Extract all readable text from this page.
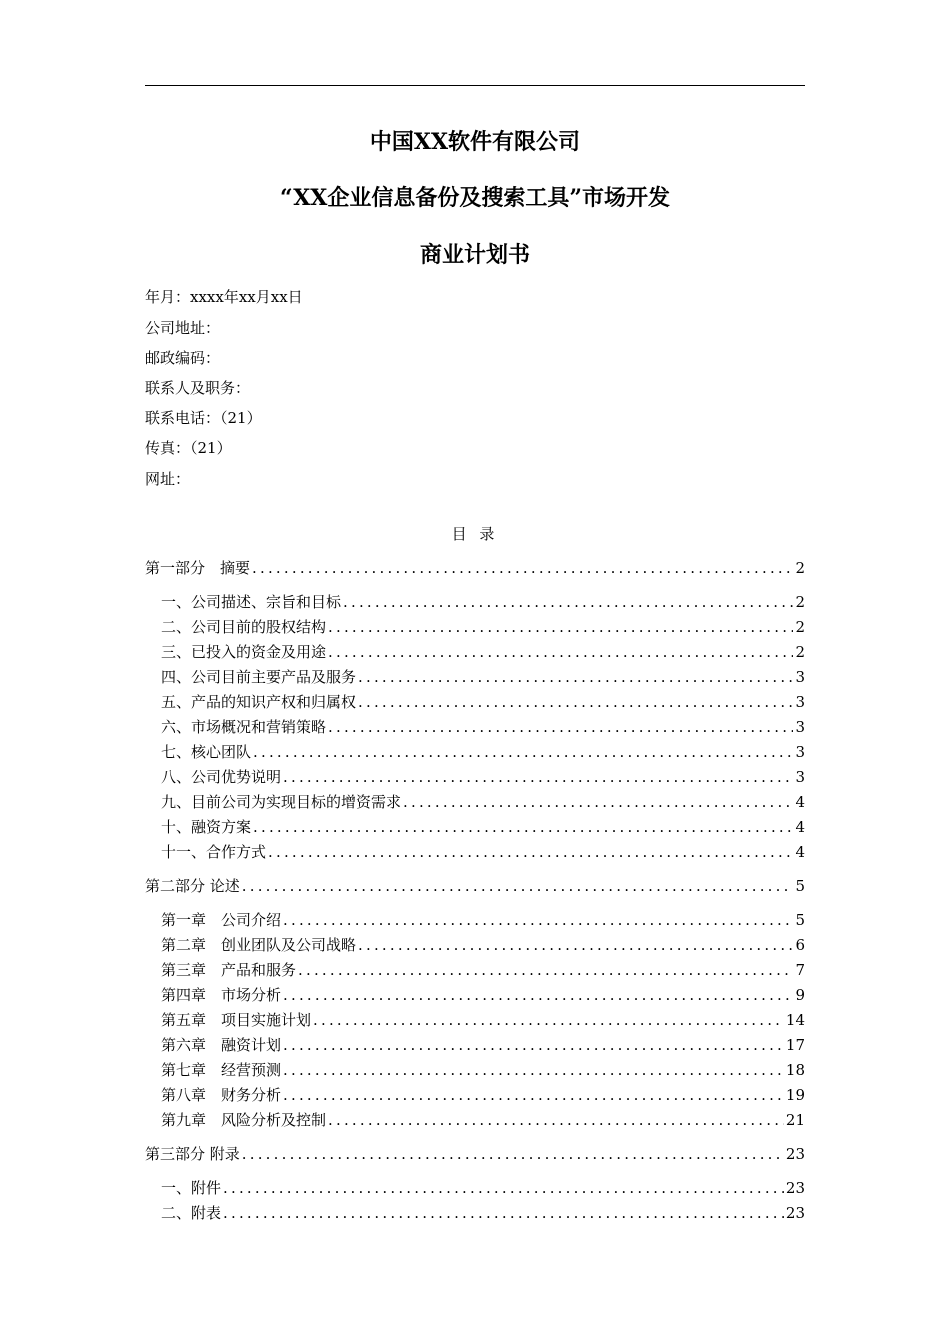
中国XX软件有限公司
“XX企业信息备份及搜索工具”市场开发
商业计划书
年月：xxxx年xx月xx日
公司地址：
邮政编码：
联系人及职务：
联系电话：（21）
传真：（21）
网址：
目 录
第一部分　摘要 .....	2
一、公司描述、宗旨和目标 .....	2
二、公司目前的股权结构 .....	2
三、已投入的资金及用途 .....	2
四、公司目前主要产品及服务 .....	3
五、产品的知识产权和归属权 .....	3
六、市场概况和营销策略 .....	3
七、核心团队 .....	3
八、公司优势说明 .....	3
九、目前公司为实现目标的增资需求 .....	4
十、融资方案 .....	4
十一、合作方式 .....	4
第二部分 论述 .....	5
第一章　公司介绍 .....	5
第二章　创业团队及公司战略 .....	6
第三章　产品和服务 .....	7
第四章　市场分析 .....	9
第五章　项目实施计划 .....	14
第六章　融资计划 .....	17
第七章　经营预测 .....	18
第八章　财务分析 .....	19
第九章　风险分析及控制 .....	21
第三部分 附录 .....	23
一、附件 .....	23
二、附表 .....	23
